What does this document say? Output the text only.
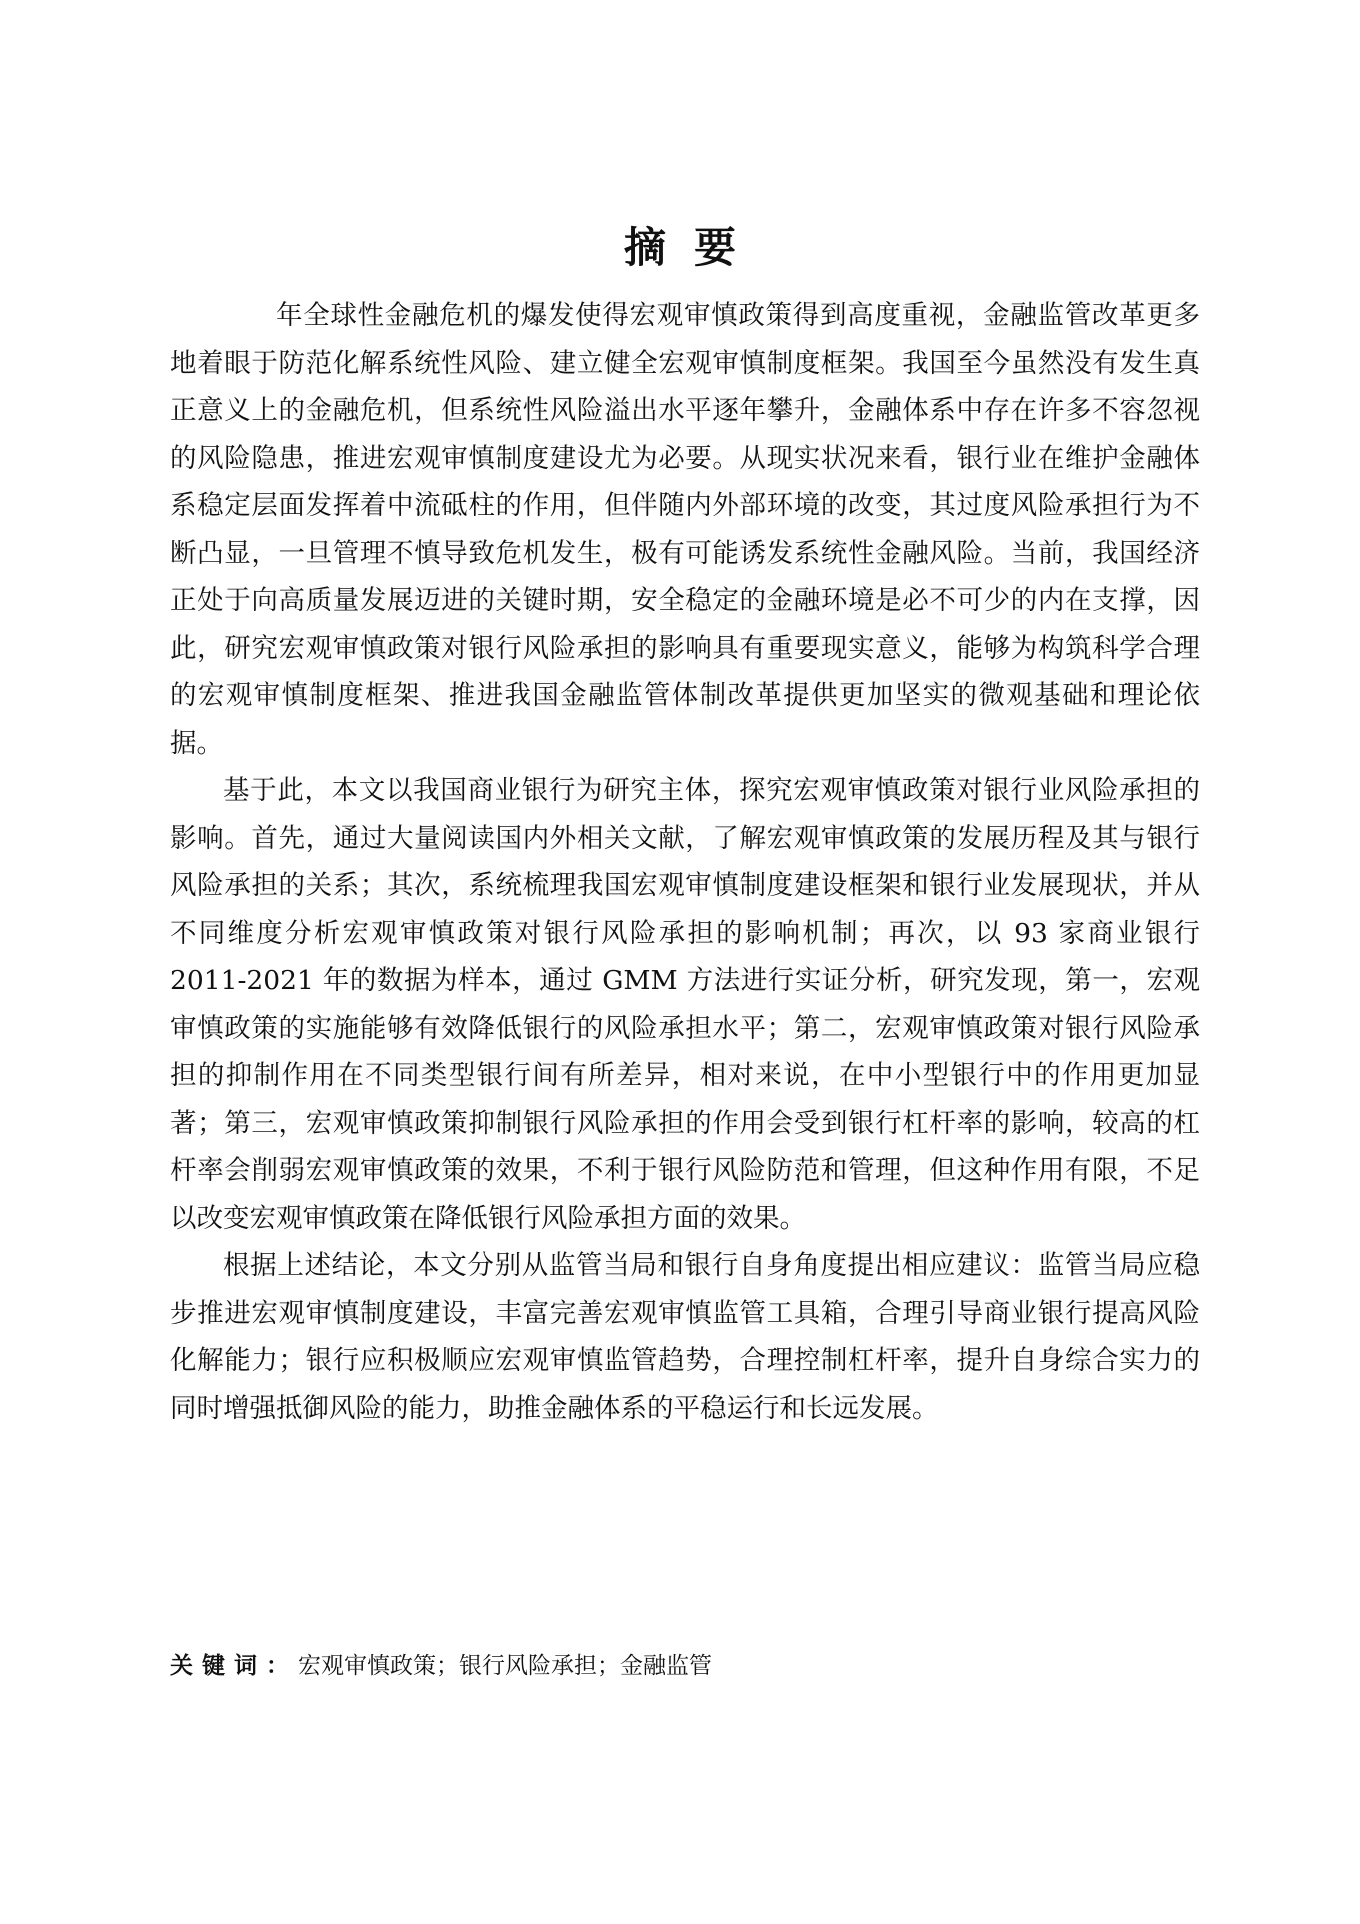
摘要

年全球性金融危机的爆发使得宏观审慎政策得到高度重视，金融监管改革更多地着眼于防范化解系统性风险、建立健全宏观审慎制度框架。我国至今虽然没有发生真正意义上的金融危机，但系统性风险溢出水平逐年攀升，金融体系中存在许多不容忽视的风险隐患，推进宏观审慎制度建设尤为必要。从现实状况来看，银行业在维护金融体系稳定层面发挥着中流砥柱的作用，但伴随内外部环境的改变，其过度风险承担行为不断凸显，一旦管理不慎导致危机发生，极有可能诱发系统性金融风险。当前，我国经济正处于向高质量发展迈进的关键时期，安全稳定的金融环境是必不可少的内在支撑，因此，研究宏观审慎政策对银行风险承担的影响具有重要现实意义，能够为构筑科学合理的宏观审慎制度框架、推进我国金融监管体制改革提供更加坚实的微观基础和理论依据。

基于此，本文以我国商业银行为研究主体，探究宏观审慎政策对银行业风险承担的影响。首先，通过大量阅读国内外相关文献，了解宏观审慎政策的发展历程及其与银行风险承担的关系；其次，系统梳理我国宏观审慎制度建设框架和银行业发展现状，并从不同维度分析宏观审慎政策对银行风险承担的影响机制；再次，以 93 家商业银行 2011-2021 年的数据为样本，通过 GMM 方法进行实证分析，研究发现，第一，宏观审慎政策的实施能够有效降低银行的风险承担水平；第二，宏观审慎政策对银行风险承担的抑制作用在不同类型银行间有所差异，相对来说，在中小型银行中的作用更加显著；第三，宏观审慎政策抑制银行风险承担的作用会受到银行杠杆率的影响，较高的杠杆率会削弱宏观审慎政策的效果，不利于银行风险防范和管理，但这种作用有限，不足以改变宏观审慎政策在降低银行风险承担方面的效果。

根据上述结论，本文分别从监管当局和银行自身角度提出相应建议：监管当局应稳步推进宏观审慎制度建设，丰富完善宏观审慎监管工具箱，合理引导商业银行提高风险化解能力；银行应积极顺应宏观审慎监管趋势，合理控制杠杆率，提升自身综合实力的同时增强抵御风险的能力，助推金融体系的平稳运行和长远发展。

关键词：宏观审慎政策；银行风险承担；金融监管
